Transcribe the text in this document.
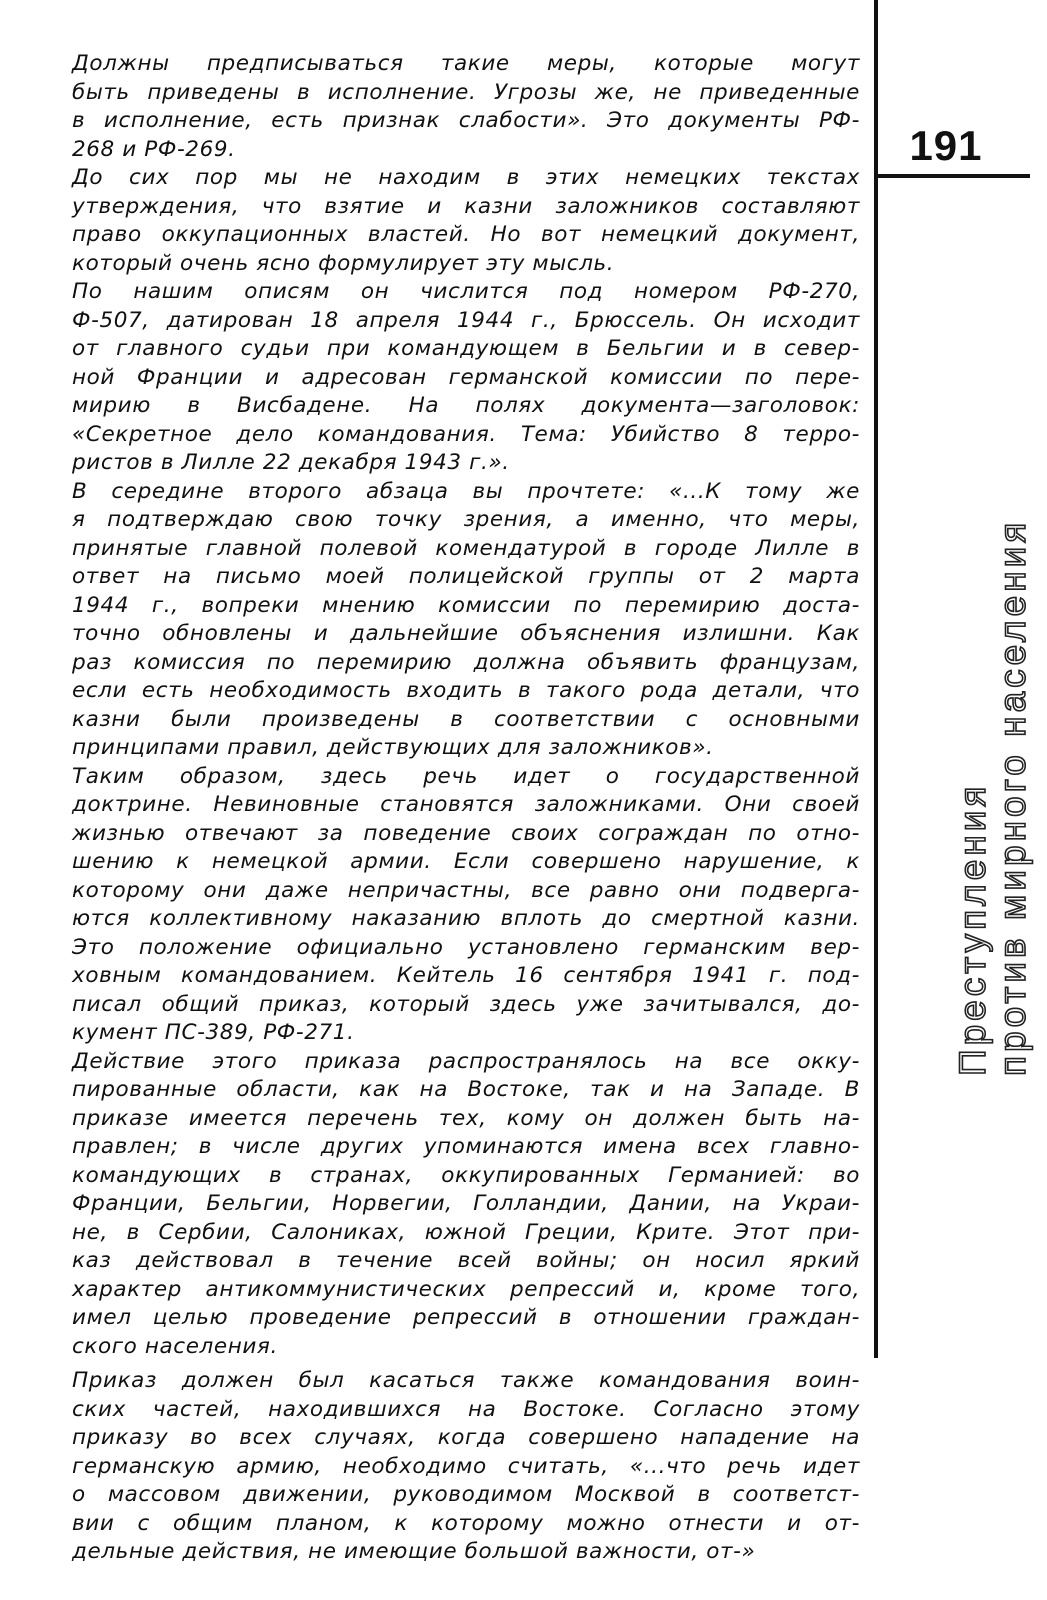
191
Преступления против мирного населения
Должны предписываться такие меры, которые могут
быть приведены в исполнение. Угрозы же, не приведенные
в исполнение, есть признак слабости». Это документы РФ-
268 и РФ-269.
До сих пор мы не находим в этих немецких текстах
утверждения, что взятие и казни заложников составляют
право оккупационных властей. Но вот немецкий документ,
который очень ясно формулирует эту мысль.
По нашим описям он числится под номером РФ-270,
Ф-507, датирован 18 апреля 1944 г., Брюссель. Он исходит
от главного судьи при командующем в Бельгии и в север-
ной Франции и адресован германской комиссии по пере-
мирию в Висбадене. На полях документа—заголовок:
«Секретное дело командования. Тема: Убийство 8 терро-
ристов в Лилле 22 декабря 1943 г.».
В середине второго абзаца вы прочтете: «...К тому же
я подтверждаю свою точку зрения, а именно, что меры,
принятые главной полевой комендатурой в городе Лилле в
ответ на письмо моей полицейской группы от 2 марта
1944 г., вопреки мнению комиссии по перемирию доста-
точно обновлены и дальнейшие объяснения излишни. Как
раз комиссия по перемирию должна объявить французам,
если есть необходимость входить в такого рода детали, что
казни были произведены в соответствии с основными
принципами правил, действующих для заложников».
Таким образом, здесь речь идет о государственной
доктрине. Невиновные становятся заложниками. Они своей
жизнью отвечают за поведение своих сограждан по отно-
шению к немецкой армии. Если совершено нарушение, к
которому они даже непричастны, все равно они подверга-
ются коллективному наказанию вплоть до смертной казни.
Это положение официально установлено германским вер-
ховным командованием. Кейтель 16 сентября 1941 г. под-
писал общий приказ, который здесь уже зачитывался, до-
кумент ПС-389, РФ-271.
Действие этого приказа распространялось на все окку-
пированные области, как на Востоке, так и на Западе. В
приказе имеется перечень тех, кому он должен быть на-
правлен; в числе других упоминаются имена всех главно-
командующих в странах, оккупированных Германией: во
Франции, Бельгии, Норвегии, Голландии, Дании, на Украи-
не, в Сербии, Салониках, южной Греции, Крите. Этот при-
каз действовал в течение всей войны; он носил яркий
характер антикоммунистических репрессий и, кроме того,
имел целью проведение репрессий в отношении граждан-
ского населения.
Приказ должен был касаться также командования воин-
ских частей, находившихся на Востоке. Согласно этому
приказу во всех случаях, когда совершено нападение на
германскую армию, необходимо считать, «...что речь идет
о массовом движении, руководимом Москвой в соответст-
вии с общим планом, к которому можно отнести и от-
дельные действия, не имеющие большой важности, от-»
